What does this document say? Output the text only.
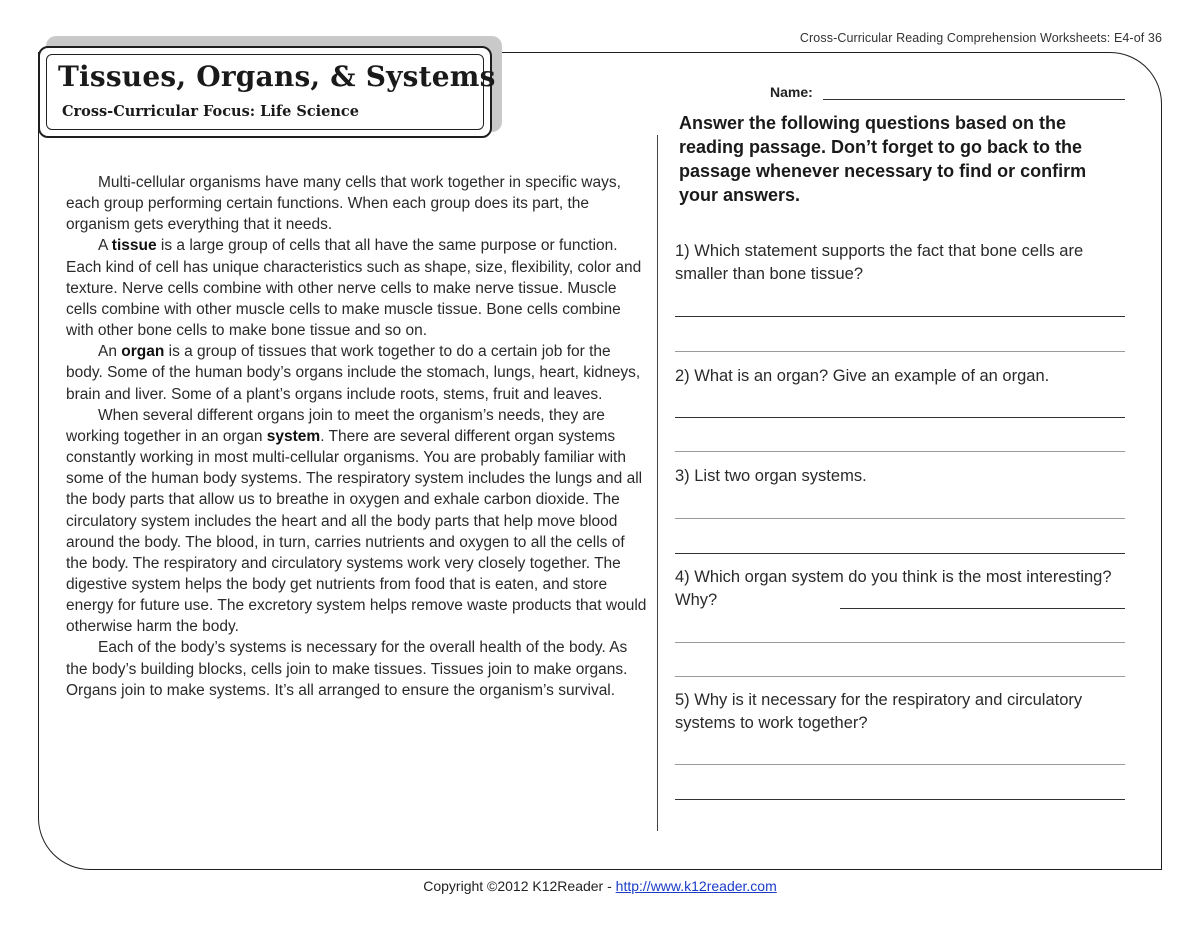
Cross-Curricular Reading Comprehension Worksheets: E4-of 36
Tissues, Organs, & Systems
Cross-Curricular Focus: Life Science

Multi-cellular organisms have many cells that work together in specific ways, each group performing certain functions. When each group does its part, the organism gets everything that it needs.

A tissue is a large group of cells that all have the same purpose or function. Each kind of cell has unique characteristics such as shape, size, flexibility, color and texture. Nerve cells combine with other nerve cells to make nerve tissue. Muscle cells combine with other muscle cells to make muscle tissue. Bone cells combine with other bone cells to make bone tissue and so on.

An organ is a group of tissues that work together to do a certain job for the body. Some of the human body’s organs include the stomach, lungs, heart, kidneys, brain and liver. Some of a plant’s organs include roots, stems, fruit and leaves.

When several different organs join to meet the organism’s needs, they are working together in an organ system. There are several different organ systems constantly working in most multi-cellular organisms. You are probably familiar with some of the human body systems. The respiratory system includes the lungs and all the body parts that allow us to breathe in oxygen and exhale carbon dioxide. The circulatory system includes the heart and all the body parts that help move blood around the body. The blood, in turn, carries nutrients and oxygen to all the cells of the body. The respiratory and circulatory systems work very closely together. The digestive system helps the body get nutrients from food that is eaten, and store energy for future use. The excretory system helps remove waste products that would otherwise harm the body.

Each of the body’s systems is necessary for the overall health of the body. As the body’s building blocks, cells join to make tissues. Tissues join to make organs. Organs join to make systems. It’s all arranged to ensure the organism’s survival.

Name:

Answer the following questions based on the reading passage. Don’t forget to go back to the passage whenever necessary to find or confirm your answers.

1) Which statement supports the fact that bone cells are smaller than bone tissue?
2) What is an organ? Give an example of an organ.
3) List two organ systems.
4) Which organ system do you think is the most interesting? Why?
5) Why is it necessary for the respiratory and circulatory systems to work together?
Copyright ©2012 K12Reader - http://www.k12reader.com
